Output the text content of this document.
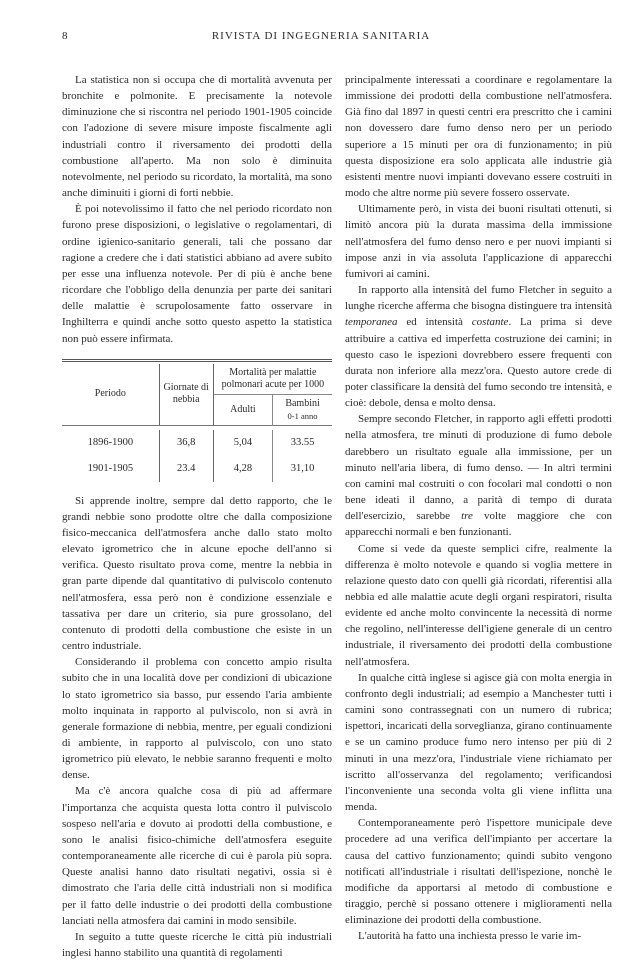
8	RIVISTA DI INGEGNERIA SANITARIA

La statistica non si occupa che di mortalità avvenuta per bronchite e polmonite. E precisamente la notevole diminuzione che si riscontra nel periodo 1901-1905 coincide con l'adozione di severe misure imposte fiscalmente agli industriali contro il riversamento dei prodotti della combustione all'aperto. Ma non solo è diminuita notevolmente, nel periodo su ricordato, la mortalità, ma sono anche diminuiti i giorni di forti nebbie.

È poi notevolissimo il fatto che nel periodo ricordato non furono prese disposizioni, o legislative o regolamentari, di ordine igienico-sanitario generali, tali che possano dar ragione a credere che i dati statistici abbiano ad avere subito per esse una influenza notevole. Per di più è anche bene ricordare che l'obbligo della denunzia per parte dei sanitari delle malattie è scrupolosamente fatto osservare in Inghilterra e quindi anche sotto questo aspetto la statistica non può essere infirmata.

Periodo	Giornate di nebbia	Mortalità per malattie polmonari acute per 1000	
		Adulti	Bambini
0-1 anno

1896-1900	36,8	5,04	33.55
1901-1905	23.4	4,28	31,10

Si apprende inoltre, sempre dal detto rapporto, che le grandi nebbie sono prodotte oltre che dalla composizione fisico-meccanica dell'atmosfera anche dallo stato molto elevato igrometrico che in alcune epoche dell'anno si verifica. Questo risultato prova come, mentre la nebbia in gran parte dipende dal quantitativo di pulviscolo contenuto nell'atmosfera, essa però non è condizione essenziale e tassativa per dare un criterio, sia pure grossolano, del contenuto di prodotti della combustione che esiste in un centro industriale.

Considerando il problema con concetto ampio risulta subito che in una località dove per condizioni di ubicazione lo stato igrometrico sia basso, pur essendo l'aria ambiente molto inquinata in rapporto al pulviscolo, non si avrà in generale formazione di nebbia, mentre, per eguali condizioni di ambiente, in rapporto al pulviscolo, con uno stato igrometrico più elevato, le nebbie saranno frequenti e molto dense.

Ma c'è ancora qualche cosa di più ad affermare l'importanza che acquista questa lotta contro il pulviscolo sospeso nell'aria e dovuto ai prodotti della combustione, e sono le analisi fisico-chimiche dell'atmosfera eseguite contemporaneamente alle ricerche di cui è parola più sopra. Queste analisi hanno dato risultati negativi, ossia si è dimostrato che l'aria delle città industriali non si modifica per il fatto delle industrie o dei prodotti della combustione lanciati nella atmosfera dai camini in modo sensibile.

In seguito a tutte queste ricerche le città più industriali inglesi hanno stabilito una quantità di regolamenti

principalmente interessati a coordinare e regolamentare la immissione dei prodotti della combustione nell'atmosfera. Già fino dal 1897 in questi centri era prescritto che i camini non dovessero dare fumo denso nero per un periodo superiore a 15 minuti per ora di funzionamento; in più questa disposizione era solo applicata alle industrie già esistenti mentre nuovi impianti dovevano essere costruiti in modo che altre norme più severe fossero osservate.

Ultimamente però, in vista dei buoni risultati ottenuti, si limitò ancora più la durata massima della immissione nell'atmosfera del fumo denso nero e per nuovi impianti si impose anzi in via assoluta l'applicazione di apparecchi fumivori ai camini.

In rapporto alla intensità del fumo Fletcher in seguito a lunghe ricerche afferma che bisogna distinguere tra intensità temporanea ed intensità costante. La prima si deve attribuire a cattiva ed imperfetta costruzione dei camini; in questo caso le ispezioni dovrebbero essere frequenti con durata non inferiore alla mezz'ora. Questo autore crede di poter classificare la densità del fumo secondo tre intensità, e cioè: debole, densa e molto densa.

Sempre secondo Fletcher, in rapporto agli effetti prodotti nella atmosfera, tre minuti di produzione di fumo debole darebbero un risultato eguale alla immissione, per un minuto nell'aria libera, di fumo denso. — In altri termini con camini mal costruiti o con focolari mal condotti o non bene ideati il danno, a parità di tempo di durata dell'esercizio, sarebbe tre volte maggiore che con apparecchi normali e ben funzionanti.

Come si vede da queste semplici cifre, realmente la differenza è molto notevole e quando si voglia mettere in relazione questo dato con quelli già ricordati, riferentisi alla nebbia ed alle malattie acute degli organi respiratori, risulta evidente ed anche molto convincente la necessità di norme che regolino, nell'interesse dell'igiene generale di un centro industriale, il riversamento dei prodotti della combustione nell'atmosfera.

In qualche città inglese si agisce già con molta energia in confronto degli industriali; ad esempio a Manchester tutti i camini sono contrassegnati con un numero di rubrica; ispettori, incaricati della sorveglianza, girano continuamente e se un camino produce fumo nero intenso per più di 2 minuti in una mezz'ora, l'industriale viene richiamato per iscritto all'osservanza del regolamento; verificandosi l'inconveniente una seconda volta gli viene inflitta una menda.

Contemporaneamente però l'ispettore municipale deve procedere ad una verifica dell'impianto per accertare la causa del cattivo funzionamento; quindi subito vengono notificati all'industriale i risultati dell'ispezione, nonchè le modifiche da apportarsi al metodo di combustione e tiraggio, perchè si possano ottenere i miglioramenti nella eliminazione dei prodotti della combustione.

L'autorità ha fatto una inchiesta presso le varie im-
